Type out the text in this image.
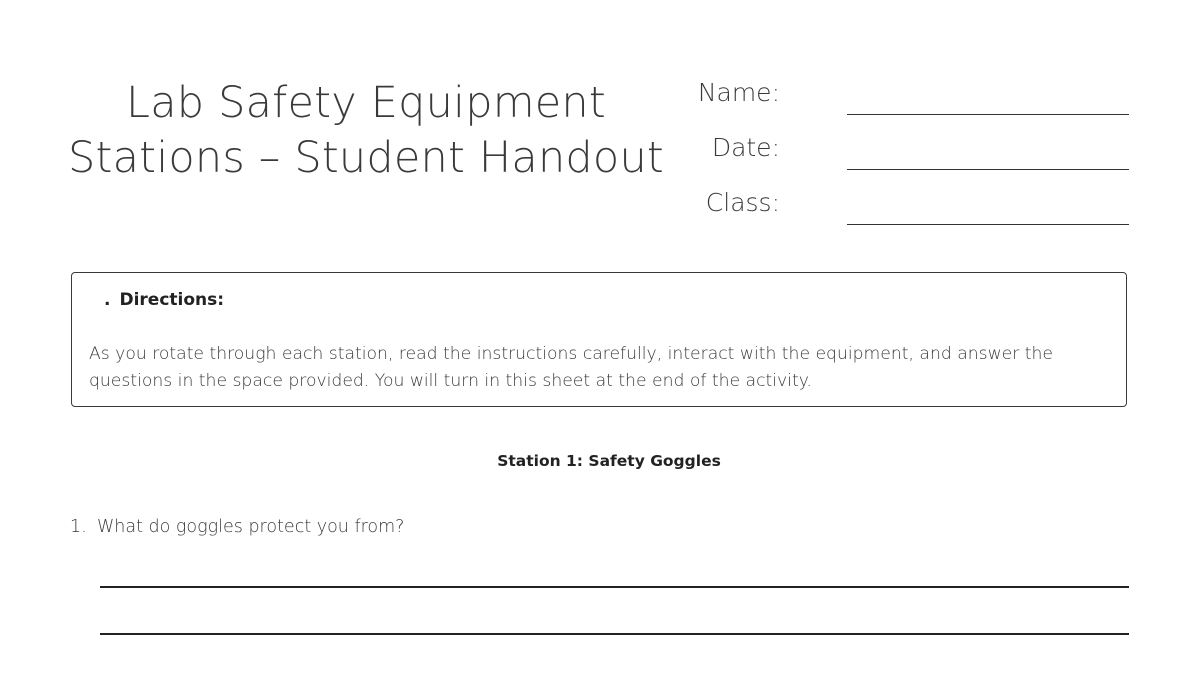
Lab Safety Equipment
Stations – Student Handout
Name:
Date:
Class:
. Directions:

As you rotate through each station, read the instructions carefully, interact with the equipment, and answer the questions in the space provided. You will turn in this sheet at the end of the activity.

Station 1: Safety Goggles
1. What do goggles protect you from?
